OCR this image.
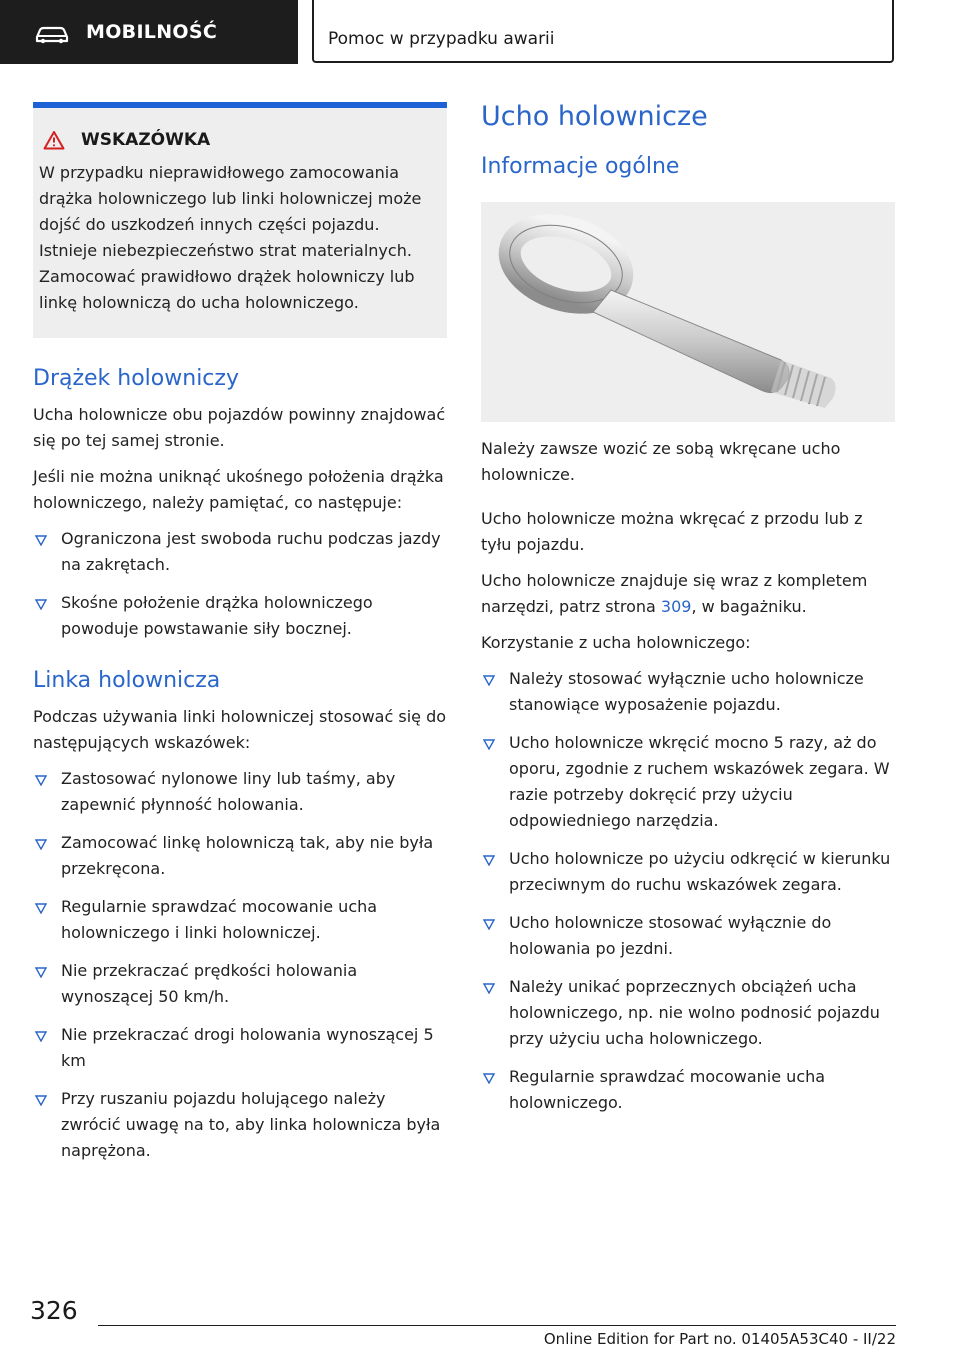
MOBILNOŚĆ	Pomoc w przypadku awarii
WSKAZÓWKA
W przypadku nieprawidłowego zamocowania drążka holowniczego lub linki holowniczej może dojść do uszkodzeń innych części pojazdu. Istnieje niebezpieczeństwo strat materialnych. Zamocować prawidłowo drążek holowniczy lub linkę holowniczą do ucha holowniczego.
Drążek holowniczy

Ucha holownicze obu pojazdów powinny znajdować się po tej samej stronie.

Jeśli nie można uniknąć ukośnego położenia drążka holowniczego, należy pamiętać, co następuje:

Ograniczona jest swoboda ruchu podczas jazdy na zakrętach.
Skośne położenie drążka holowniczego powoduje powstawanie siły bocznej.
Linka holownicza

Podczas używania linki holowniczej stosować się do następujących wskazówek:

Zastosować nylonowe liny lub taśmy, aby zapewnić płynność holowania.
Zamocować linkę holowniczą tak, aby nie była przekręcona.
Regularnie sprawdzać mocowanie ucha holowniczego i linki holowniczej.
Nie przekraczać prędkości holowania wynoszącej 50 km/h.
Nie przekraczać drogi holowania wynoszącej 5 km
Przy ruszaniu pojazdu holującego należy zwrócić uwagę na to, aby linka holownicza była naprężona.
Ucho holownicze
Informacje ogólne

Należy zawsze wozić ze sobą wkręcane ucho holownicze.

Ucho holownicze można wkręcać z przodu lub z tyłu pojazdu.

Ucho holownicze znajduje się wraz z kompletem narzędzi, patrz strona 309, w bagażniku.

Korzystanie z ucha holowniczego:

Należy stosować wyłącznie ucho holownicze stanowiące wyposażenie pojazdu.
Ucho holownicze wkręcić mocno 5 razy, aż do oporu, zgodnie z ruchem wskazówek zegara. W razie potrzeby dokręcić przy użyciu odpowiedniego narzędzia.
Ucho holownicze po użyciu odkręcić w kierunku przeciwnym do ruchu wskazówek zegara.
Ucho holownicze stosować wyłącznie do holowania po jezdni.
Należy unikać poprzecznych obciążeń ucha holowniczego, np. nie wolno podnosić pojazdu przy użyciu ucha holowniczego.
Regularnie sprawdzać mocowanie ucha holowniczego.
326
Online Edition for Part no. 01405A53C40 - II/22
